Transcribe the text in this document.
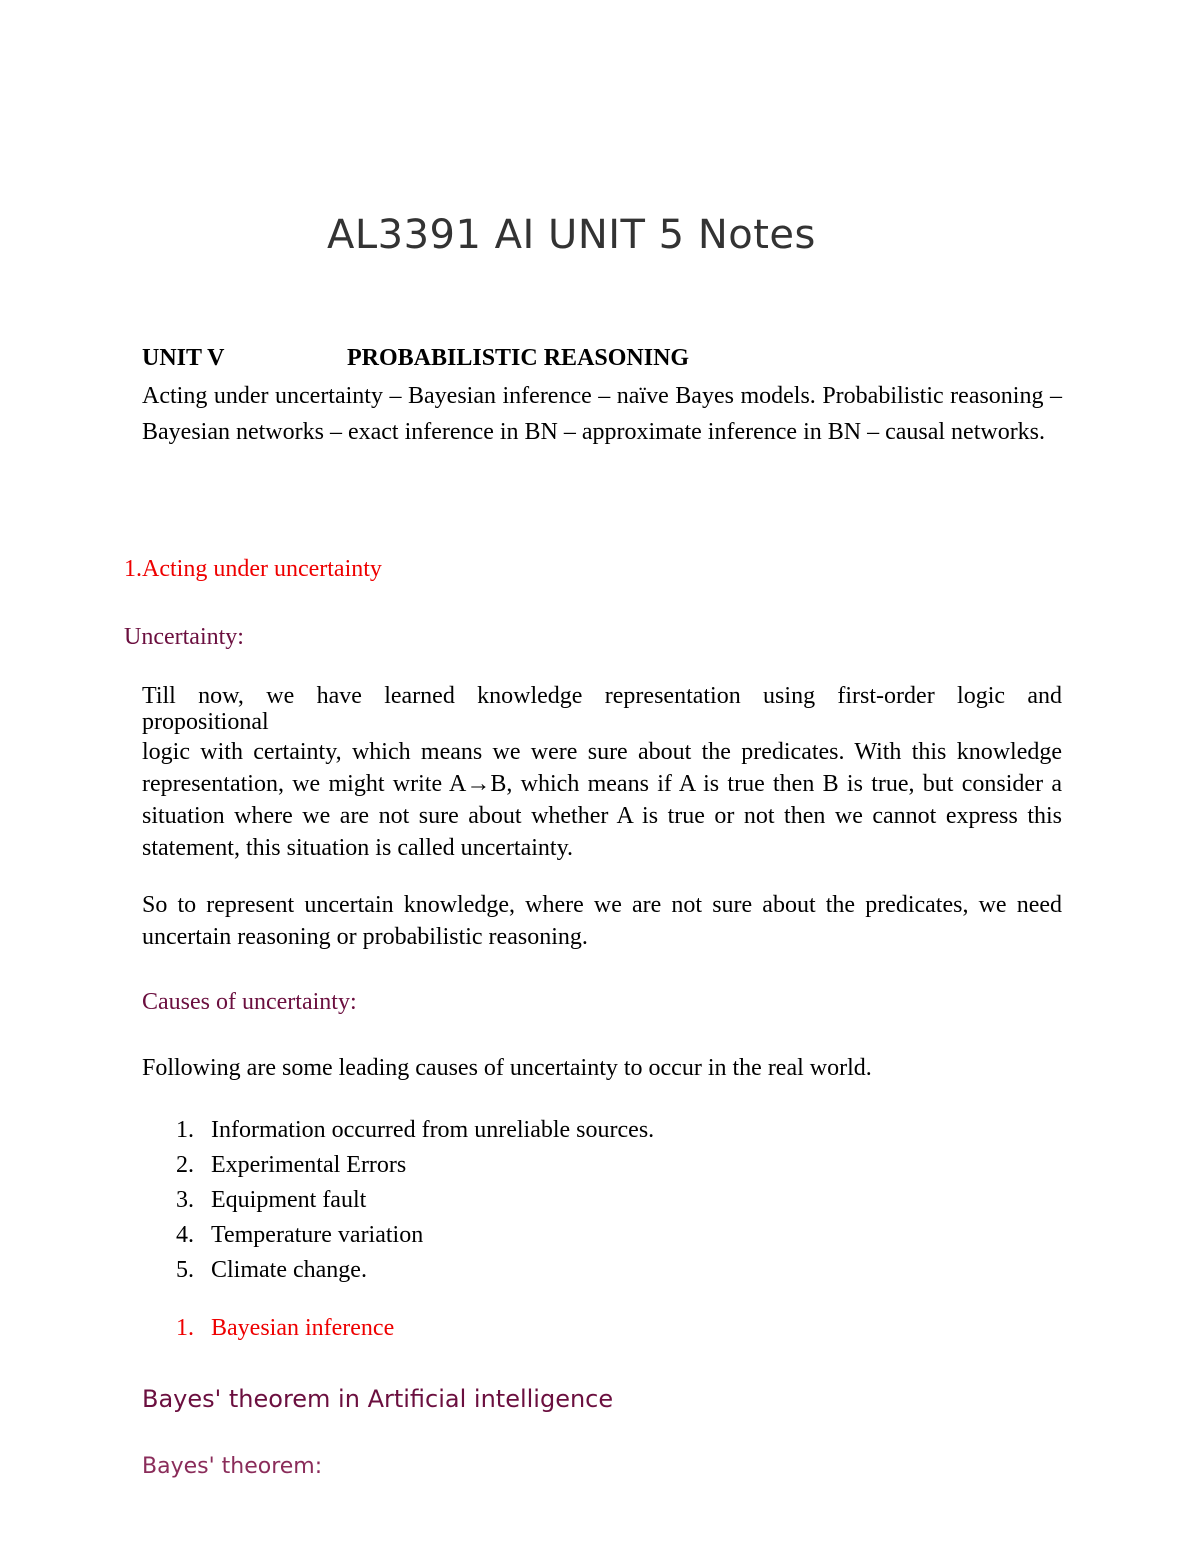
AL3391 AI UNIT 5 Notes
UNIT V	PROBABILISTIC REASONING
Acting under uncertainty – Bayesian inference – naïve Bayes models. Probabilistic reasoning – Bayesian networks – exact inference in BN – approximate inference in BN – causal networks.
1.Acting under uncertainty
Uncertainty:
Till now, we have learned knowledge representation using first-order logic and
propositional
logic with certainty, which means we were sure about the predicates. With this knowledge representation, we might write A→B, which means if A is true then B is true, but consider a situation where we are not sure about whether A is true or not then we cannot express this statement, this situation is called uncertainty.
So to represent uncertain knowledge, where we are not sure about the predicates, we need uncertain reasoning or probabilistic reasoning.
Causes of uncertainty:
Following are some leading causes of uncertainty to occur in the real world.
1. Information occurred from unreliable sources.
2. Experimental Errors
3. Equipment fault
4. Temperature variation
5. Climate change.
1. Bayesian inference
Bayes' theorem in Artificial intelligence
Bayes' theorem:
